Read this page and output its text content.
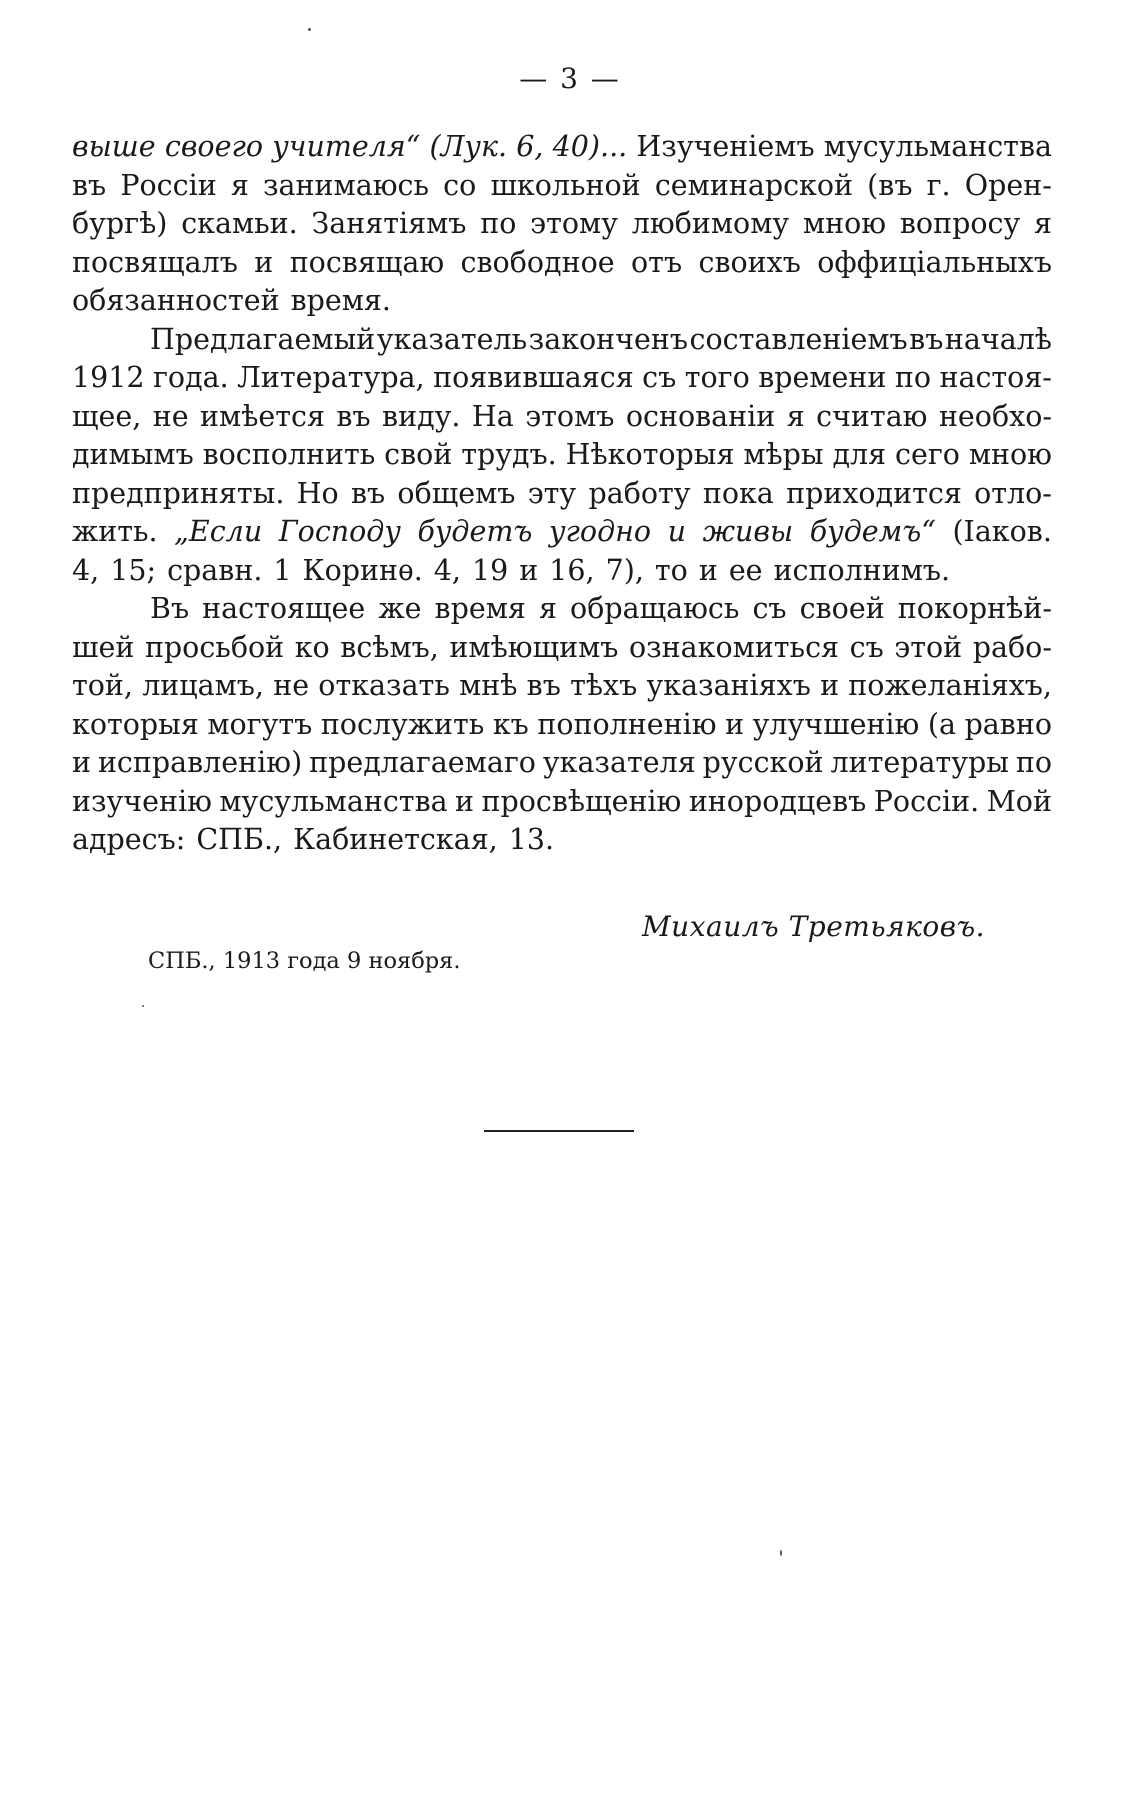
— 3 —
выше своего учителя“ (Лук. 6, 40)... Изученіемъ мусульманства
въ Россіи я занимаюсь со школьной семинарской (въ г. Орен-
бургѣ) скамьи. Занятіямъ по этому любимому мною вопросу я
посвящалъ и посвящаю свободное отъ своихъ оффиціальныхъ
обязанностей время.
Предлагаемый указатель законченъ составленіемъ въ началѣ
1912 года. Литература, появившаяся съ того времени по настоя-
щее, не имѣется въ виду. На этомъ основаніи я считаю необхо-
димымъ восполнить свой трудъ. Нѣкоторыя мѣры для сего мною
предприняты. Но въ общемъ эту работу пока приходится отло-
жить. „Если Господу будетъ угодно и живы будемъ“ (Іаков.
4, 15; сравн. 1 Коринѳ. 4, 19 и 16, 7), то и ее исполнимъ.
Въ настоящее же время я обращаюсь съ своей покорнѣй-
шей просьбой ко всѣмъ, имѣющимъ ознакомиться съ этой рабо-
той, лицамъ, не отказать мнѣ въ тѣхъ указаніяхъ и пожеланіяхъ,
которыя могутъ послужить къ пополненію и улучшенію (а равно
и исправленію) предлагаемаго указателя русской литературы по
изученію мусульманства и просвѣщенію инородцевъ Россіи. Мой
адресъ: СПБ., Кабинетская, 13.
Михаилъ Третьяковъ.
СПБ., 1913 года 9 ноября.
